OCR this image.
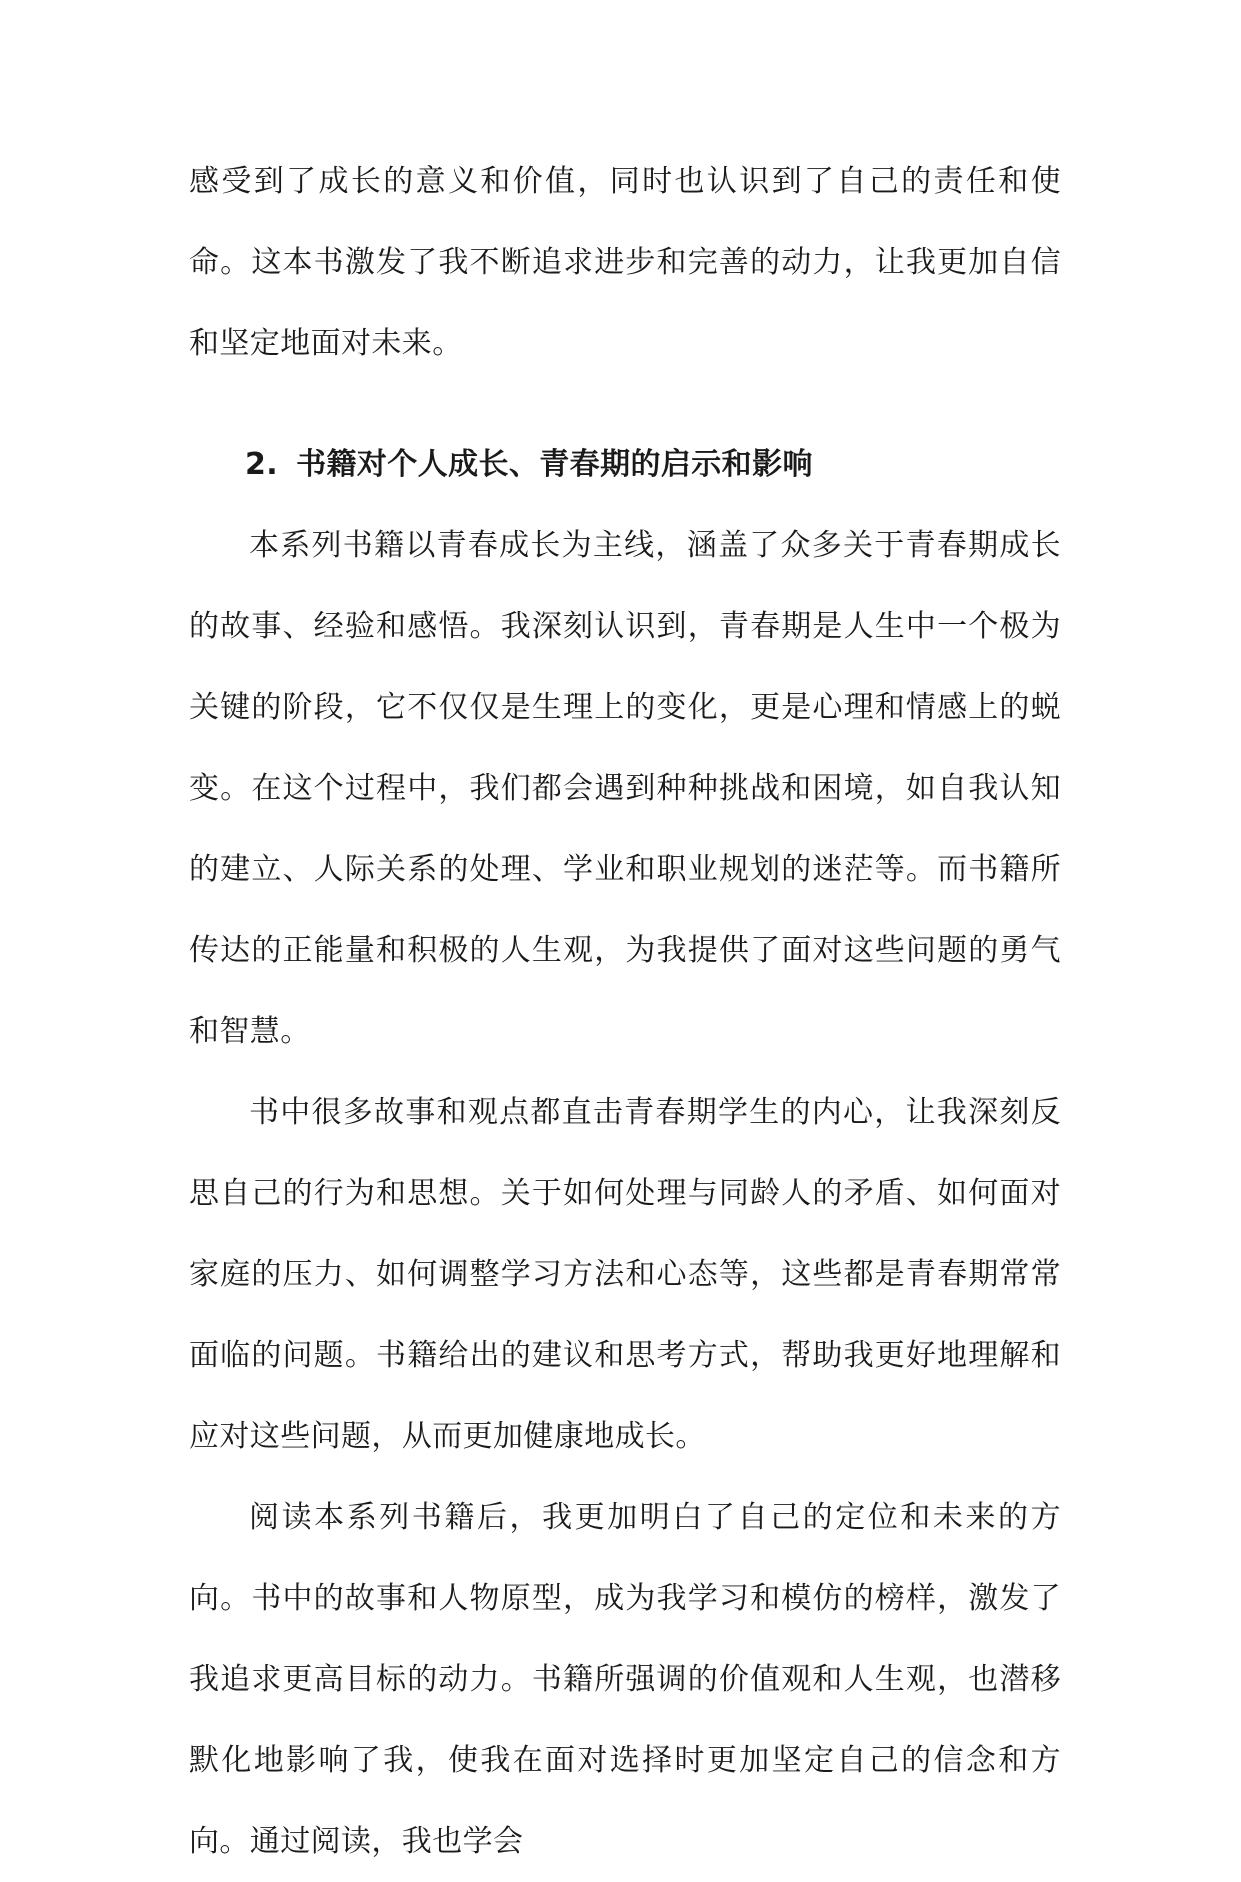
感受到了成长的意义和价值，同时也认识到了自己的责任和使命。这本书激发了我不断追求进步和完善的动力，让我更加自信和坚定地面对未来。

2. 书籍对个人成长、青春期的启示和影响

本系列书籍以青春成长为主线，涵盖了众多关于青春期成长的故事、经验和感悟。我深刻认识到，青春期是人生中一个极为关键的阶段，它不仅仅是生理上的变化，更是心理和情感上的蜕变。在这个过程中，我们都会遇到种种挑战和困境，如自我认知的建立、人际关系的处理、学业和职业规划的迷茫等。而书籍所传达的正能量和积极的人生观，为我提供了面对这些问题的勇气和智慧。

书中很多故事和观点都直击青春期学生的内心，让我深刻反思自己的行为和思想。关于如何处理与同龄人的矛盾、如何面对家庭的压力、如何调整学习方法和心态等，这些都是青春期常常面临的问题。书籍给出的建议和思考方式，帮助我更好地理解和应对这些问题，从而更加健康地成长。

阅读本系列书籍后，我更加明白了自己的定位和未来的方向。书中的故事和人物原型，成为我学习和模仿的榜样，激发了我追求更高目标的动力。书籍所强调的价值观和人生观，也潜移默化地影响了我，使我在面对选择时更加坚定自己的信念和方向。通过阅读，我也学会
